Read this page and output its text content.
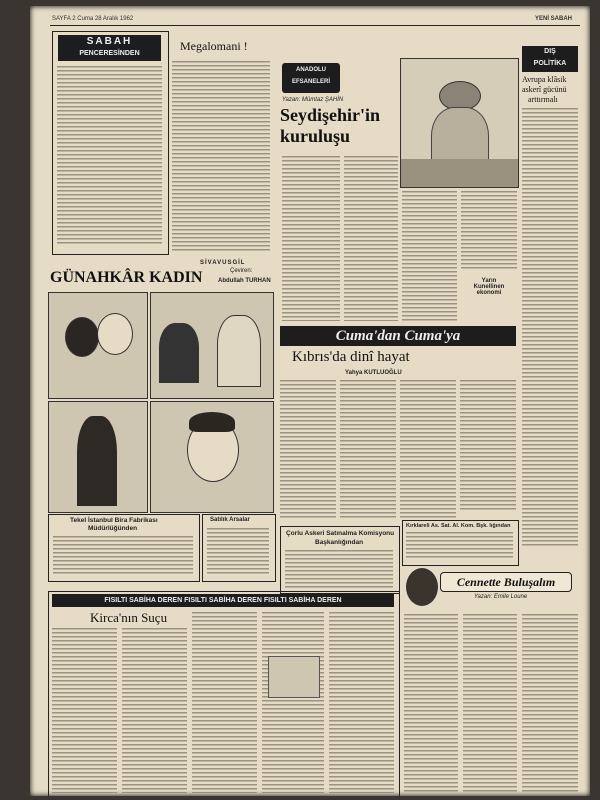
SAYFA 2 Cuma 28 Aralık 1962	YENİ SABAH
SABAH
PENCERESİNDEN
SİVAVUSGİL
Megalomani !
ANADOLU
EFSANELERİ
Yazan: Mümtaz ŞAHİN
Seydişehir'in
kuruluşu
DIŞ
POLİTİKA
Avrupa klâsik
askerî gücünü
arttırmalı
Yarın
Kunellinen
ekonomi
GÜNAHKÂR KADIN	Çeviren:
Abdullah TURHAN
Cuma'dan Cuma'ya
Kıbrıs'da dinî hayat
Yahya KUTLUOĞLU
Kırklareli As. Sat. Al. Kom. Bşk. lığından
Tekel İstanbul Bira Fabrikası
Müdürlüğünden
Satılık Arsalar
Çorlu Askeri Satınalma Komisyonu
Başkanlığından
FISILTI SABİHA DEREN FISILTI SABİHA DEREN FISILTI SABİHA DEREN
Kirca'nın Suçu
Cennette Buluşalım
Yazan: Emile Loune
